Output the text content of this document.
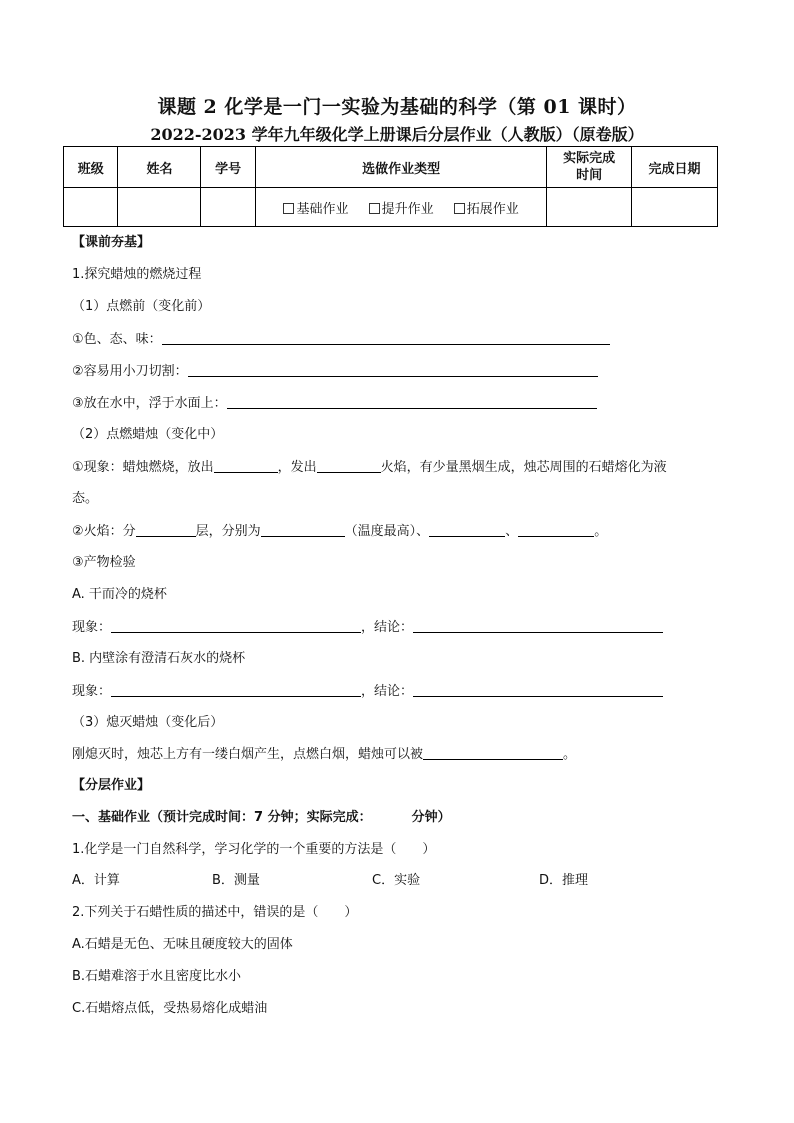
课题 2 化学是一门一实验为基础的科学（第 01 课时）
2022-2023 学年九年级化学上册课后分层作业（人教版）（原卷版）
班级	姓名	学号	选做作业类型	实际完成时间	完成日期
			基础作业 提升作业 拓展作业		
【课前夯基】
1.探究蜡烛的燃烧过程
（1）点燃前（变化前）
①色、态、味：
②容易用小刀切割：
③放在水中，浮于水面上：
（2）点燃蜡烛（变化中）
①现象：蜡烛燃烧，放出	，发出	火焰，有少量黑烟生成，烛芯周围的石蜡熔化为液
态。
②火焰：分	层，分别为	（温度最高）、	、	。
③产物检验
A. 干而冷的烧杯
现象：	，结论：
B. 内壁涂有澄清石灰水的烧杯
现象：	，结论：
（3）熄灭蜡烛（变化后）
刚熄灭时，烛芯上方有一缕白烟产生，点燃白烟，蜡烛可以被	。
【分层作业】
一、基础作业（预计完成时间：7 分钟；实际完成：	分钟）
1.化学是一门自然科学，学习化学的一个重要的方法是（　　）
A．计算	B．测量	C．实验	D．推理
2.下列关于石蜡性质的描述中，错误的是（　　）
A.石蜡是无色、无味且硬度较大的固体
B.石蜡难溶于水且密度比水小
C.石蜡熔点低，受热易熔化成蜡油
